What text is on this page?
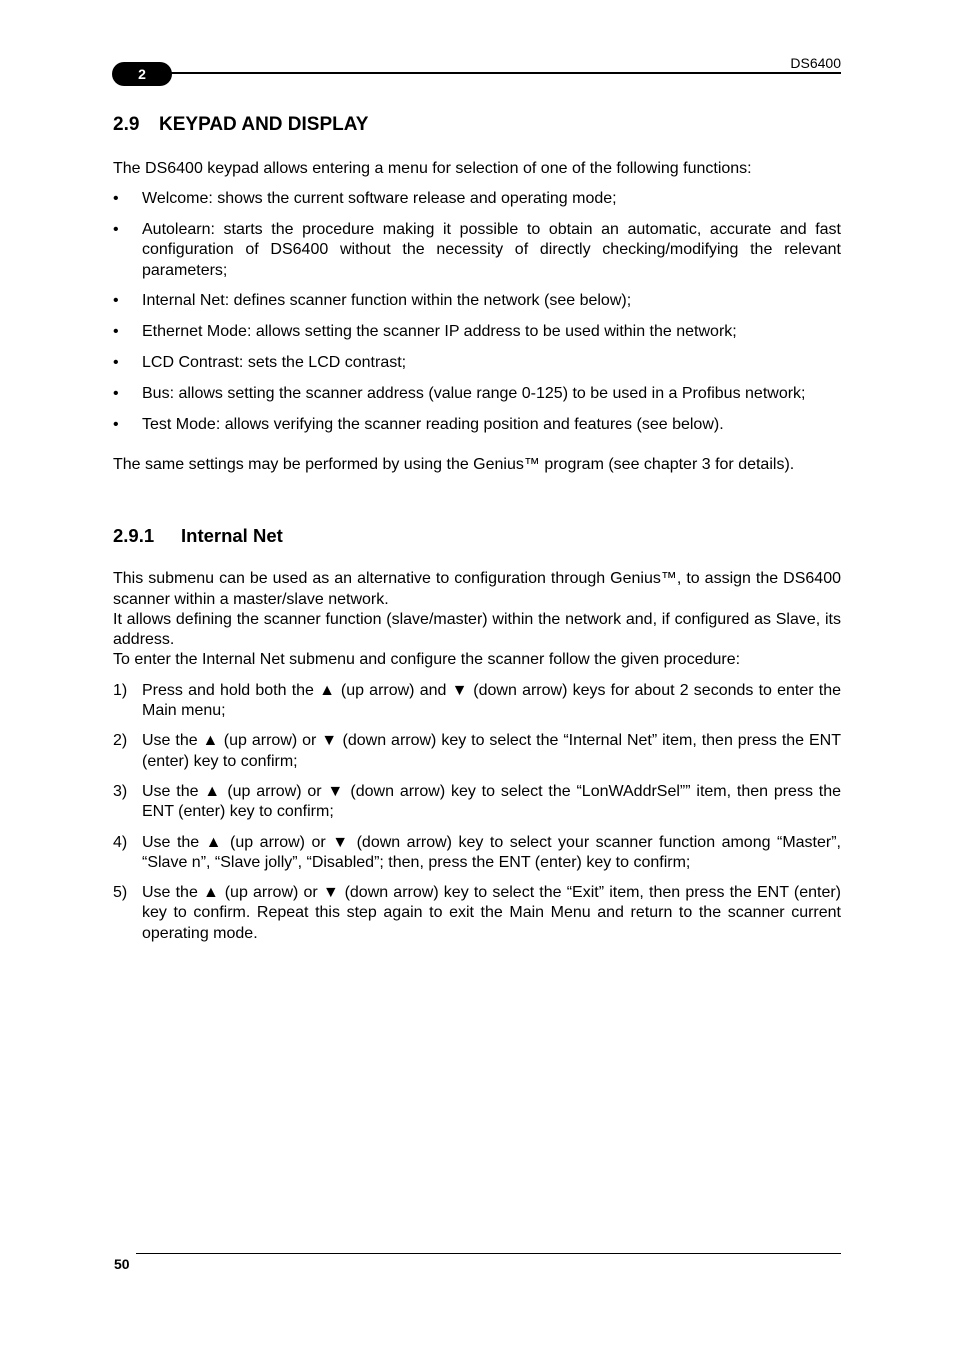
2
DS6400
2.9 KEYPAD AND DISPLAY

The DS6400 keypad allows entering a menu for selection of one of the following functions:

• Welcome: shows the current software release and operating mode;
• Autolearn: starts the procedure making it possible to obtain an automatic, accurate and fast configuration of DS6400 without the necessity of directly checking/modifying the relevant parameters;
• Internal Net: defines scanner function within the network (see below);
• Ethernet Mode: allows setting the scanner IP address to be used within the network;
• LCD Contrast: sets the LCD contrast;
• Bus: allows setting the scanner address (value range 0-125) to be used in a Profibus network;
• Test Mode: allows verifying the scanner reading position and features (see below).

The same settings may be performed by using the Genius™ program (see chapter 3 for details).

2.9.1 Internal Net

This submenu can be used as an alternative to configuration through Genius™, to assign the DS6400 scanner within a master/slave network.

It allows defining the scanner function (slave/master) within the network and, if configured as Slave, its address.

To enter the Internal Net submenu and configure the scanner follow the given procedure:

1) Press and hold both the ▲ (up arrow) and ▼ (down arrow) keys for about 2 seconds to enter the Main menu;
2) Use the ▲ (up arrow) or ▼ (down arrow) key to select the “Internal Net” item, then press the ENT (enter) key to confirm;
3) Use the ▲ (up arrow) or ▼ (down arrow) key to select the “LonWAddrSel”” item, then press the ENT (enter) key to confirm;
4) Use the ▲ (up arrow) or ▼ (down arrow) key to select your scanner function among “Master”, “Slave n”, “Slave jolly”, “Disabled”; then, press the ENT (enter) key to confirm;
5) Use the ▲ (up arrow) or ▼ (down arrow) key to select the “Exit” item, then press the ENT (enter) key to confirm. Repeat this step again to exit the Main Menu and return to the scanner current operating mode.
50
